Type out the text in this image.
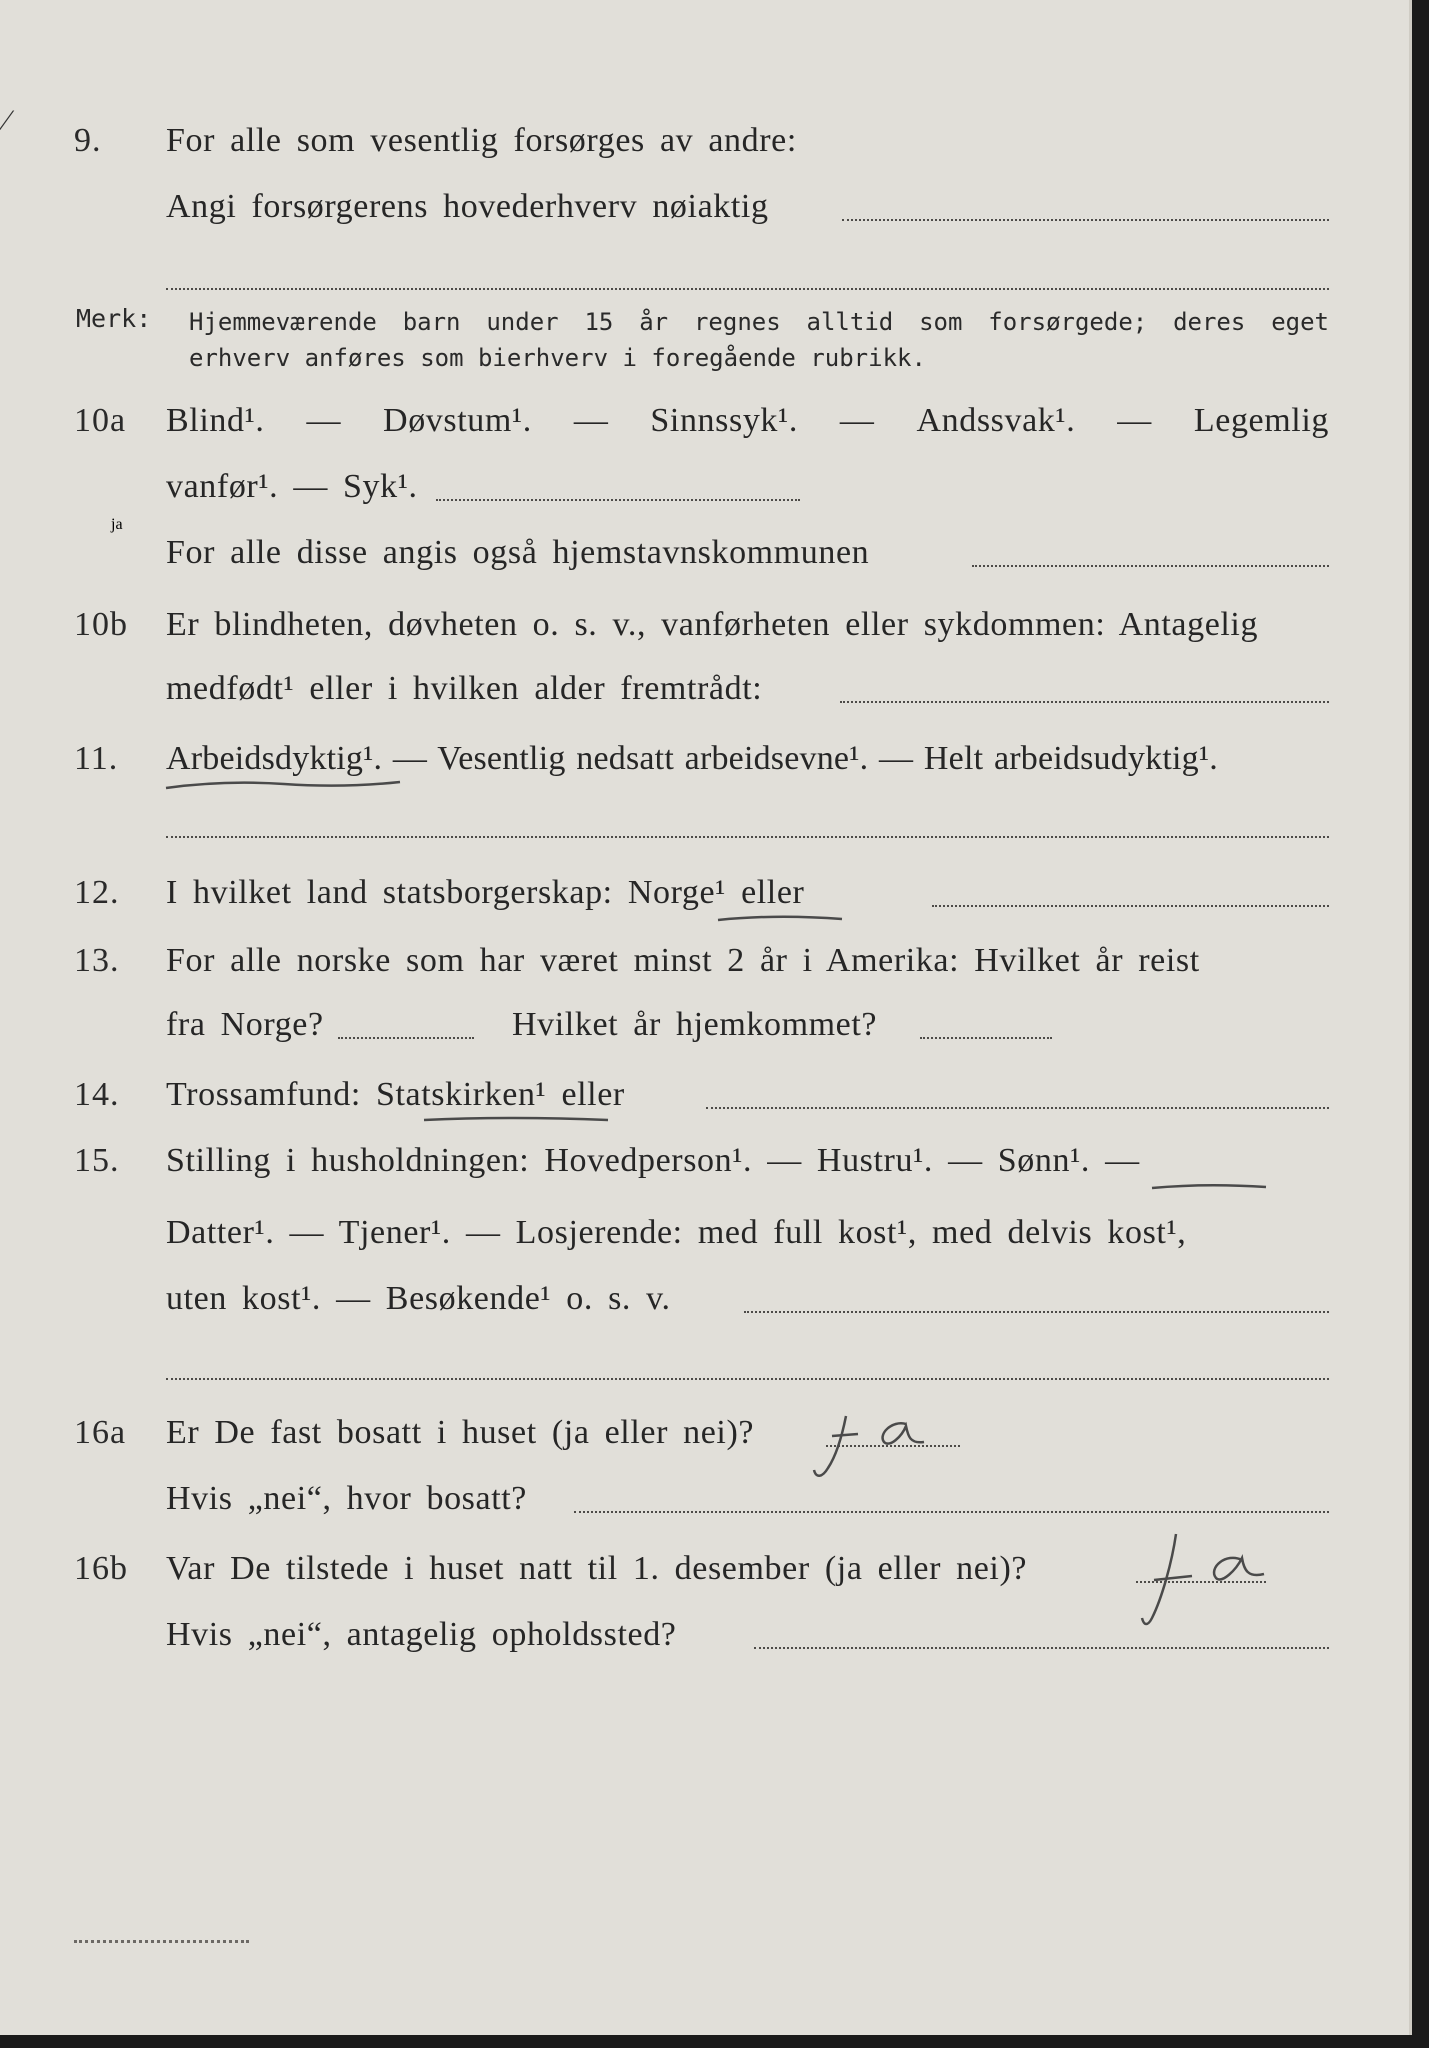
⁄
9.	For alle som vesentlig forsørges av andre:
Angi forsørgerens hovederhverv nøiaktig
Merk: Hjemmeværende barn under 15 år regnes alltid som forsørgede; deres eget erhverv anføres som bierhverv i foregående rubrikk.
10a	Blind¹. — Døvstum¹. — Sinnssyk¹. — Andssvak¹. — Legemlig
vanfør¹. — Syk¹.
For alle disse angis også hjemstavnskommunen
10b	Er blindheten, døvheten o. s. v., vanførheten eller sykdommen: Antagelig
medfødt¹ eller i hvilken alder fremtrådt:
11.	Arbeidsdyktig¹. — Vesentlig nedsatt arbeidsevne¹. — Helt arbeidsudyktig¹.
12.	I hvilket land statsborgerskap: Norge¹ eller
13.	For alle norske som har været minst 2 år i Amerika: Hvilket år reist
fra Norge?	Hvilket år hjemkommet?
14.	Trossamfund: Statskirken¹ eller
15.	Stilling i husholdningen: Hovedperson¹. — Hustru¹. — Sønn¹. —
Datter¹. — Tjener¹. — Losjerende: med full kost¹, med delvis kost¹,
uten kost¹. — Besøkende¹ o. s. v.
16a	Er De fast bosatt i huset (ja eller nei)?
Hvis „nei“, hvor bosatt?
16b	Var De tilstede i huset natt til 1. desember (ja eller nei)?
ja
Hvis „nei“, antagelig opholdssted?
